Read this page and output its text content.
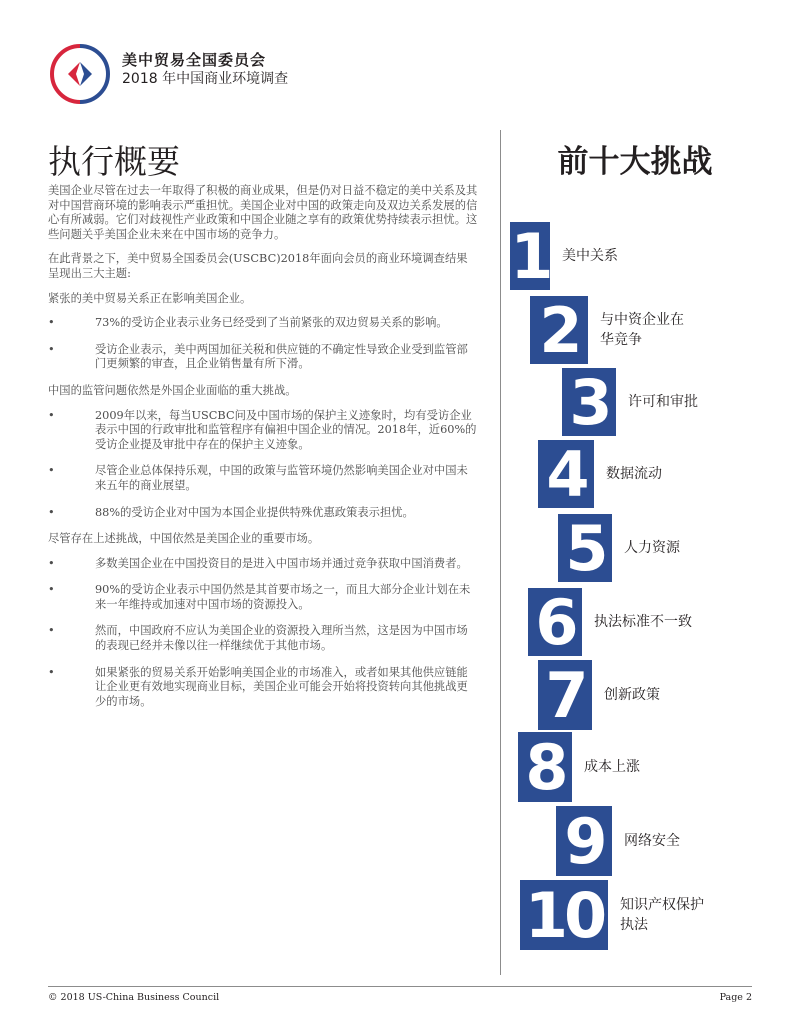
美中贸易全国委员会
2018 年中国商业环境调查
执行概要

美国企业尽管在过去一年取得了积极的商业成果，但是仍对日益不稳定的美中关系及其对中国营商环境的影响表示严重担忧。美国企业对中国的政策走向及双边关系发展的信心有所减弱。它们对歧视性产业政策和中国企业随之享有的政策优势持续表示担忧。这些问题关乎美国企业未来在中国市场的竞争力。

在此背景之下，美中贸易全国委员会(USCBC)2018年面向会员的商业环境调查结果呈现出三大主题:

紧张的美中贸易关系正在影响美国企业。

•	73%的受访企业表示业务已经受到了当前紧张的双边贸易关系的影响。
•	受访企业表示，美中两国加征关税和供应链的不确定性导致企业受到监管部门更频繁的审查，且企业销售量有所下滑。

中国的监管问题依然是外国企业面临的重大挑战。

•	2009年以来，每当USCBC问及中国市场的保护主义迹象时，均有受访企业表示中国的行政审批和监管程序有偏袒中国企业的情况。2018年，近60%的受访企业提及审批中存在的保护主义迹象。
•	尽管企业总体保持乐观，中国的政策与监管环境仍然影响美国企业对中国未来五年的商业展望。
•	88%的受访企业对中国为本国企业提供特殊优惠政策表示担忧。

尽管存在上述挑战，中国依然是美国企业的重要市场。

•	多数美国企业在中国投资目的是进入中国市场并通过竞争获取中国消费者。
•	90%的受访企业表示中国仍然是其首要市场之一，而且大部分企业计划在未来一年维持或加速对中国市场的资源投入。
•	然而，中国政府不应认为美国企业的资源投入理所当然，这是因为中国市场的表现已经并未像以往一样继续优于其他市场。
•	如果紧张的贸易关系开始影响美国企业的市场准入，或者如果其他供应链能让企业更有效地实现商业目标，美国企业可能会开始将投资转向其他挑战更少的市场。
前十大挑战
1 美中关系
2	与中资企业在华竞争
3	许可和审批
4	数据流动
5	人力资源
6	执法标准不一致
7	创新政策
8	成本上涨
9	网络安全
10	知识产权保护执法
© 2018 US-China Business Council	Page 2
